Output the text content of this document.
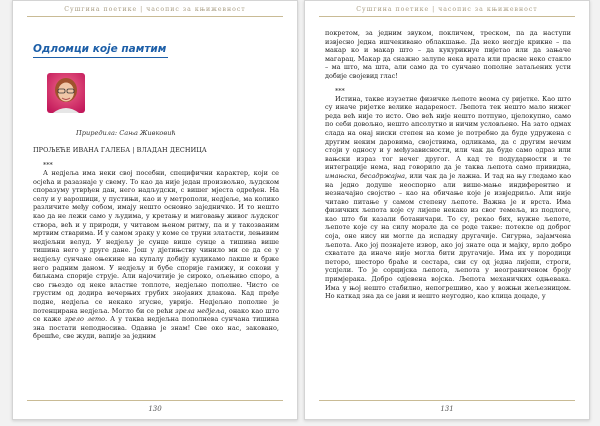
Сушгина поетике | часопис за књижевност
Одломци које памтим
Приредила: Сања Живковић
ПРОЉЕЋЕ ИВАНА ГАЛЕБА | ВЛАДАН ДЕСНИЦА
***

А недјеља има неки свој посебни, специфични карактер, који се осјећа и разазнаје у свему. То као да није један произвољно, људском споразуму утврђен дан, него надљудски, с вишег мјеста одређен. На селу и у варошици, у пустињи, као и у метрополи, недјеље, ма колико различите међу собом, имају нешто основно заједничко. И то нешто као да не лежи само у људима, у кретању и миговању живог људског створа, већ и у природи, у читавом њеном ритму, па и у такозваним мртвим стварима. И у самом зраку у коме се труни златасти, лењивим недјељни велуд. У недјељу је сунце више сунце а тишина више тишина него у друге дане. Још у дјетињству чинило ми се да се у недјељу сунчане оњекине на купалу добију кудикамо лакше и брже него радним даном. У недјељу и бубе спорије гамижу, и сокови у биљкама спорије струје. Али најочитије је сироко, ољењиво споро, а сво гњездо од неке властне топлоте, недјељно пополне. Чисто се грустим од додира вечерњих грубих знојавих длакова. Кад пређе подне, недјеља се некако згусне, уврије. Недјељно пополне је потенцирана недјеља. Могло би се рећи зрела недјеља, онако као што се каже зрело лето. А у таква недјељна пополнева сунчана тишина зна постати неподносива. Одавна је знам! Све око нас, заковано, брешће, све жуди, вапије за једним

130
Сушгина поетике | часопис за књижевност

покретом, за једним звуком, покличем, треском, па да наступи извјесно једна ишчекивано облакшање. Да неко негдје крикне – па макар ко и макар што – да кукурикнуе пијетао или да зањаче магарац. Макар да снажно залупе нека врата или прасне неко стакло – ма што, ма шта, али само да то сунчано пополне затаљених усти добије својевид глас!

***

Истина, такве изузетне физичке љепоте веома су ријетке. Као што су иначе ријетке велике надареност. Љепота тек нешто мало нижег реда већ није то исто. Ово већ није нешто потпуно, цјелокупно, само по себи довољно, нешто апсолутно и ничим условљено. На зато одмах слада на онај ниски степен на коме је потребно да буде удружена с другим неким даровима, својствима, одликама, да с другим нечим стоји у односу и у међузависности, или чак да буде само одраз или вањски израз тог нечег другог. А кад те подударности и те интеграције нема, над говорило да је таква љепота само привидна, имањска, бесадржајна, или чак да је лажна. И тад на њу гледамо као на једно додуше неоспорно али више-мање индиферентно и незначајно својство – као на обичање које је извједриљо. Али није читаво питање у самом степену љепоте. Важна је и врста. Има физичких љепота које су лијепе некако из свог темеља, из подлоге, као што би казали ботаничари. То су, рекао бих, нужне љепоте, љепоте које су на силу морале да се роде такве: потекле од доброг соја, оне нису ни могле да испадну другачије. Сигурна, зајамчена љепота. Ако јој познајете извор, ако јој знате оца и мајку, врло добро схватате да иначе није могла бити другачије. Има их у породици петоро, шесторо браће и сестара, сви су од једна лијепи, строги, успјели. То је сорцијска љепота, љепота у неограниченом броју примјерака. Добро одјевена војска. Љепота механичких одњевака. Има у њој нешто стабилно, непогрешиво, као у вожњи жељезницом. Но каткад зна да се јави и нешто неугодно, као клица доцаде, у

131
